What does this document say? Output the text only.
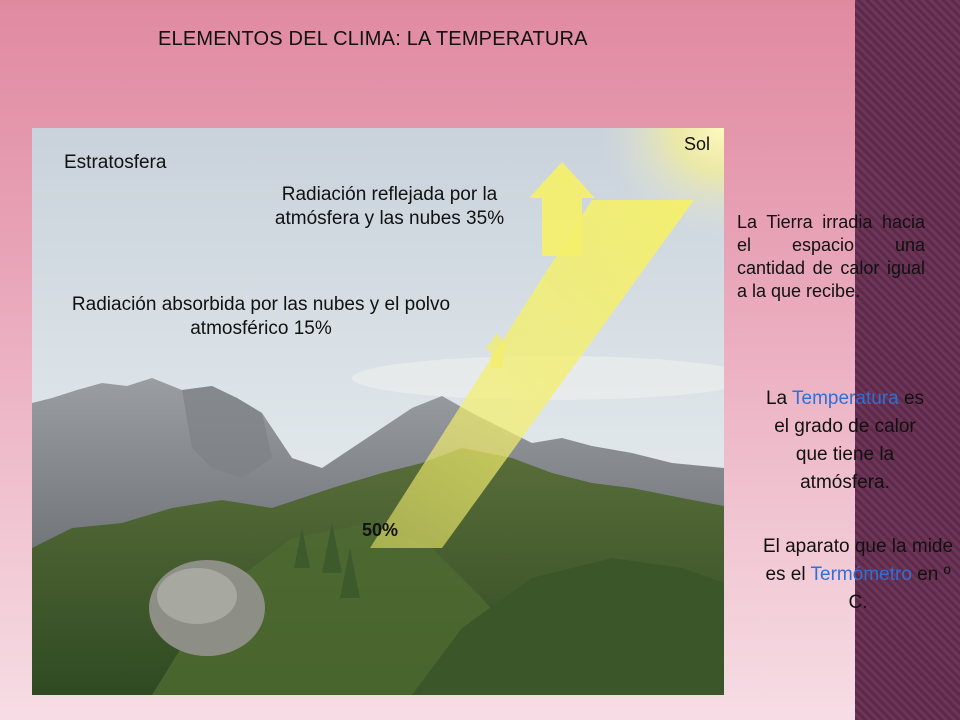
ELEMENTOS DEL CLIMA: LA TEMPERATURA
Estratosfera
Sol
Radiación reflejada por la atmósfera y las nubes 35%
Radiación absorbida por las nubes y el polvo atmosférico 15%
50%
La Tierra irradia hacia el espacio una cantidad de calor igual a la que recibe.
La Temperatura es el grado de calor que tiene la atmósfera.
El aparato que la mide es el Termómetro en º C.
